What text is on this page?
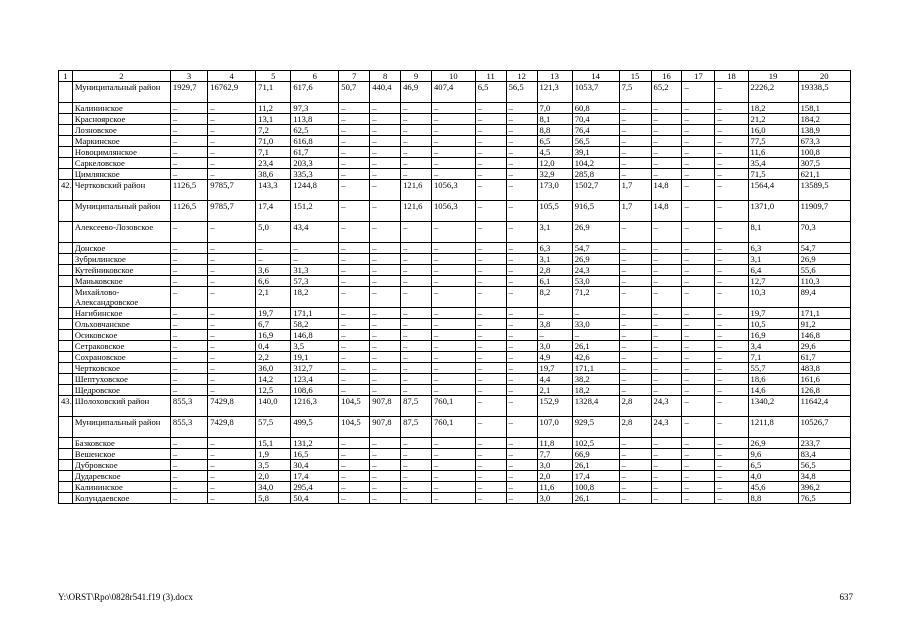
1	2	3	4	5	6	7	8	9	10	11	12	13	14	15	16	17	18	19	20
	Муниципальный район	1929,7	16762,9	71,1	617,6	50,7	440,4	46,9	407,4	6,5	56,5	121,3	1053,7	7,5	65,2	–	–	2226,2	19338,5
	Калининское	–	–	11,2	97,3	–	–	–	–	–	–	7,0	60,8	–	–	–	–	18,2	158,1
	Красноярское	–	–	13,1	113,8	–	–	–	–	–	–	8,1	70,4	–	–	–	–	21,2	184,2
	Лозновское	–	–	7,2	62,5	–	–	–	–	–	–	8,8	76,4	–	–	–	–	16,0	138,9
	Маркинское	–	–	71,0	616,8	–	–	–	–	–	–	6,5	56,5	–	–	–	–	77,5	673,3
	Новоцимлянское	–	–	7,1	61,7	–	–	–	–	–	–	4,5	39,1	–	–	–	–	11,6	100,8
	Саркеловское	–	–	23,4	203,3	–	–	–	–	–	–	12,0	104,2	–	–	–	–	35,4	307,5
	Цимлянское	–	–	38,6	335,3	–	–	–	–	–	–	32,9	285,8	–	–	–	–	71,5	621,1
42.	Чертковский район	1126,5	9785,7	143,3	1244,8	–	–	121,6	1056,3	–	–	173,0	1502,7	1,7	14,8	–	–	1564,4	13589,5
	Муниципальный район	1126,5	9785,7	17,4	151,2	–	–	121,6	1056,3	–	–	105,5	916,5	1,7	14,8	–	–	1371,0	11909,7
	Алексеево-Лозовское	–	–	5,0	43,4	–	–	–	–	–	–	3,1	26,9	–	–	–	–	8,1	70,3
	Донское	–	–	–	–	–	–	–	–	–	–	6,3	54,7	–	–	–	–	6,3	54,7
	Зубрилинское	–	–	–	–	–	–	–	–	–	–	3,1	26,9	–	–	–	–	3,1	26,9
	Кутейниковское	–	–	3,6	31,3	–	–	–	–	–	–	2,8	24,3	–	–	–	–	6,4	55,6
	Маньковское	–	–	6,6	57,3	–	–	–	–	–	–	6,1	53,0	–	–	–	–	12,7	110,3
	Михайлово-Александровское	–	–	2,1	18,2	–	–	–	–	–	–	8,2	71,2	–	–	–	–	10,3	89,4
	Нагибинское	–	–	19,7	171,1	–	–	–	–	–	–	–	–	–	–	–	–	19,7	171,1
	Ольховчанское	–	–	6,7	58,2	–	–	–	–	–	–	3,8	33,0	–	–	–	–	10,5	91,2
	Осиковское	–	–	16,9	146,8	–	–	–	–	–	–	–	–	–	–	–	–	16,9	146,8
	Сетраковское	–	–	0,4	3,5	–	–	–	–	–	–	3,0	26,1	–	–	–	–	3,4	29,6
	Сохрановское	–	–	2,2	19,1	–	–	–	–	–	–	4,9	42,6	–	–	–	–	7,1	61,7
	Чертковское	–	–	36,0	312,7	–	–	–	–	–	–	19,7	171,1	–	–	–	–	55,7	483,8
	Шептуховское	–	–	14,2	123,4	–	–	–	–	–	–	4,4	38,2	–	–	–	–	18,6	161,6
	Щедровское	–	–	12,5	108,6	–	–	–	–	–	–	2,1	18,2	–	–	–	–	14,6	126,8
43.	Шолоховский район	855,3	7429,8	140,0	1216,3	104,5	907,8	87,5	760,1	–	–	152,9	1328,4	2,8	24,3	–	–	1340,2	11642,4
	Муниципальный район	855,3	7429,8	57,5	499,5	104,5	907,8	87,5	760,1	–	–	107,0	929,5	2,8	24,3	–	–	1211,8	10526,7
	Базковское	–	–	15,1	131,2	–	–	–	–	–	–	11,8	102,5	–	–	–	–	26,9	233,7
	Вешенское	–	–	1,9	16,5	–	–	–	–	–	–	7,7	66,9	–	–	–	–	9,6	83,4
	Дубровское	–	–	3,5	30,4	–	–	–	–	–	–	3,0	26,1	–	–	–	–	6,5	56,5
	Дударевское	–	–	2,0	17,4	–	–	–	–	–	–	2,0	17,4	–	–	–	–	4,0	34,8
	Калининское	–	–	34,0	295,4	–	–	–	–	–	–	11,6	100,8	–	–	–	–	45,6	396,2
	Колундаевское	–	–	5,8	50,4	–	–	–	–	–	–	3,0	26,1	–	–	–	–	8,8	76,5
Y:\ORST\Rpo\0828r541.f19 (3).docx	637
